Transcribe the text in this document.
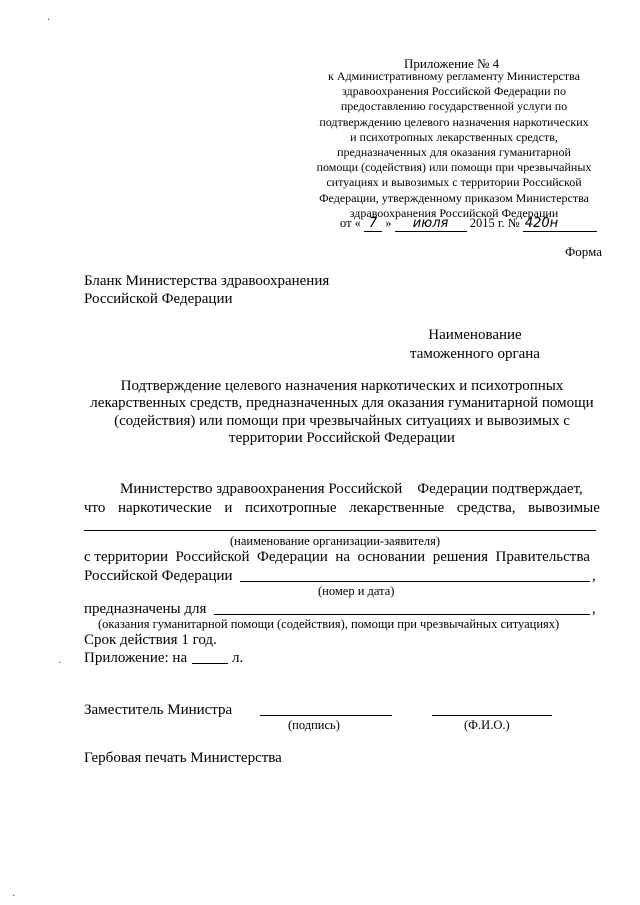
Приложение № 4
к Административному регламенту Министерства
здравоохранения Российской Федерации по
предоставлению государственной услуги по
подтверждению целевого назначения наркотических
и психотропных лекарственных средств,
предназначенных для оказания гуманитарной
помощи (содействия) или помощи при чрезвычайных
ситуациях и вывозимых с территории Российской
Федерации, утвержденному приказом Министерства
здравоохранения Российской Федерации
от « 7 » июля 2015 г. № 420н
Форма
Бланк Министерства здравоохранения
Российской Федерации
Наименование
таможенного органа
Подтверждение целевого назначения наркотических и психотропных
лекарственных средств, предназначенных для оказания гуманитарной помощи
(содействия) или помощи при чрезвычайных ситуациях и вывозимых с
территории Российской Федерации
Министерство здравоохранения Российской    Федерации подтверждает,
что наркотические и психотропные лекарственные средства, вывозимые
(наименование организации-заявителя)
с территории  Российской  Федерации  на  основании  решения  Правительства
Российской Федерации	,
(номер и дата)
предназначены для	,
(оказания гуманитарной помощи (содействия), помощи при чрезвычайных ситуациях)
Срок действия 1 год.
Приложение: на	л.
Заместитель Министра
(подпись)	(Ф.И.О.)
Гербовая печать Министерства
·
·
·
